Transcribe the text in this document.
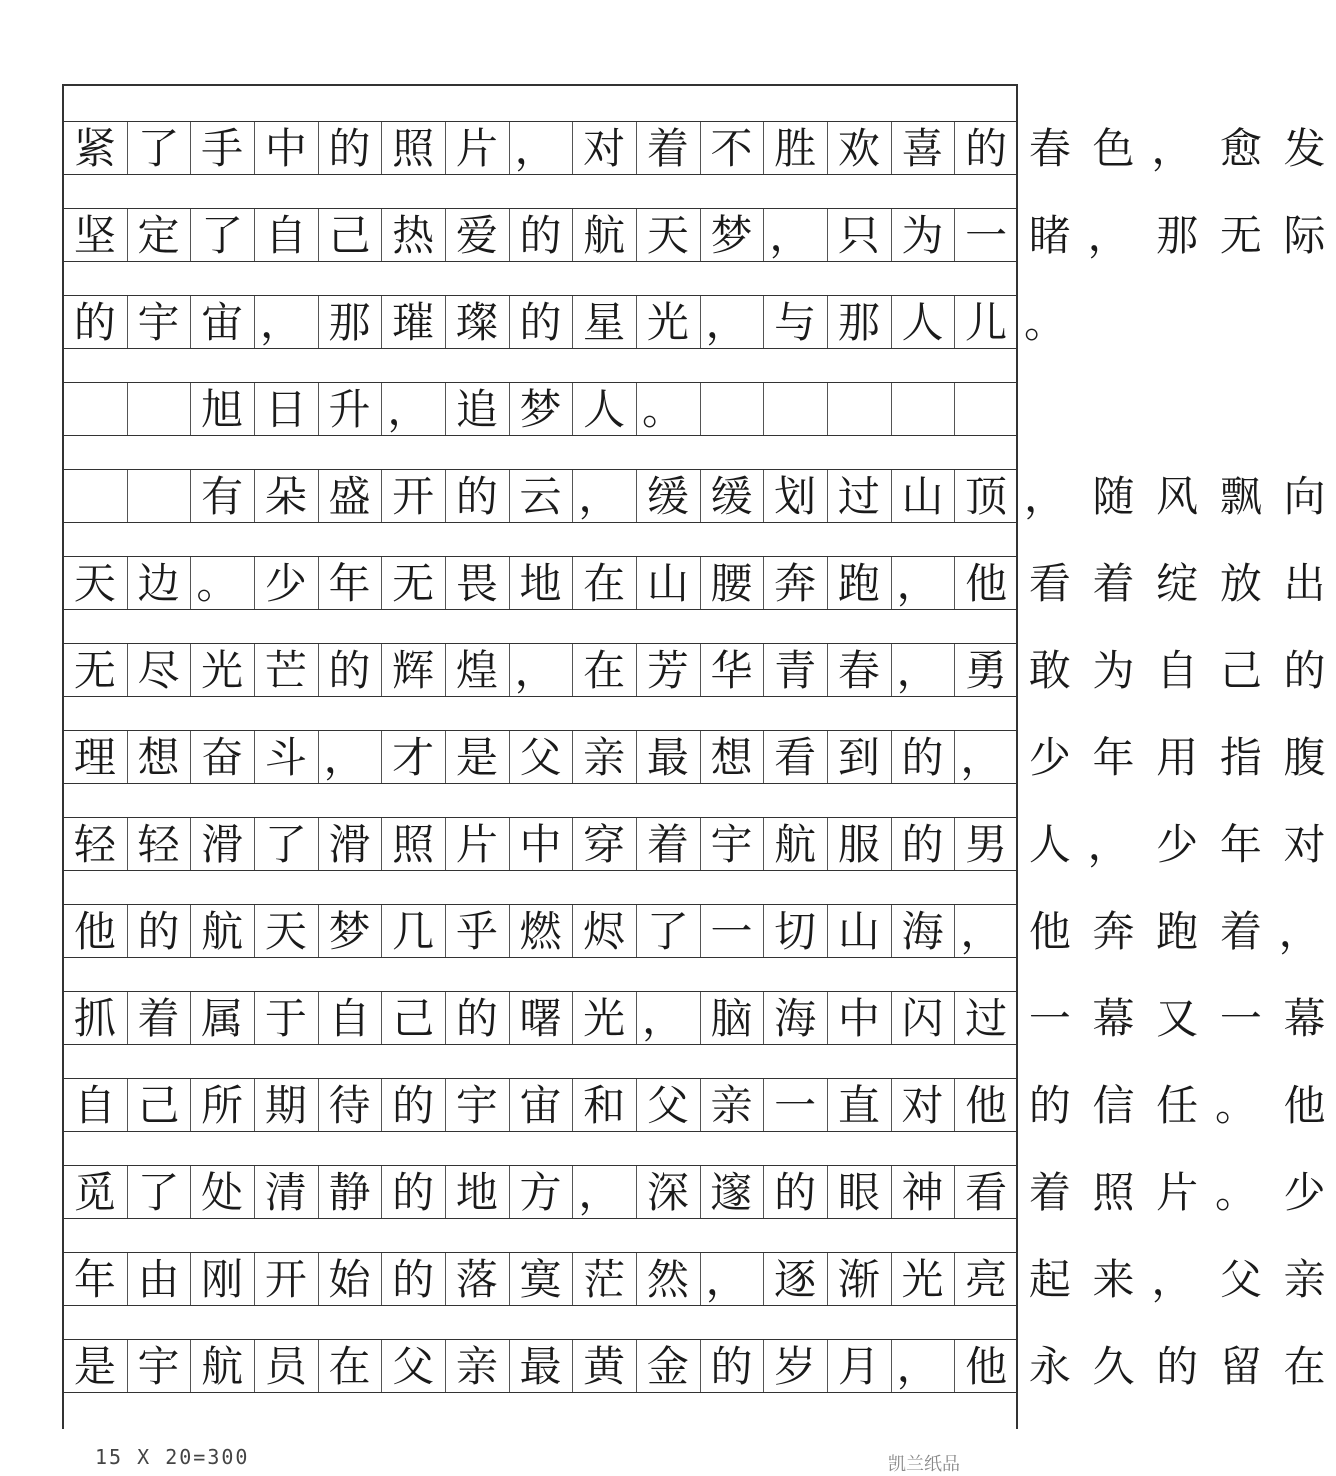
紧 了 手 中 的 照 片 ， 对 着 不 胜 欢 喜 的 春 色 ， 愈 发
坚 定 了 自 己 热 爱 的 航 天 梦 ， 只 为 一 睹 ， 那 无 际
的 宇 宙 ， 那 璀 璨 的 星 光 ， 与 那 人 儿 。
旭 日 升 ， 追 梦 人 。
有 朵 盛 开 的 云 ， 缓 缓 划 过 山 顶 ， 随 风 飘 向
天 边 。 少 年 无 畏 地 在 山 腰 奔 跑 ， 他 看 着 绽 放 出
无 尽 光 芒 的 辉 煌 ， 在 芳 华 青 春 ， 勇 敢 为 自 己 的
理 想 奋 斗 ， 才 是 父 亲 最 想 看 到 的 ， 少 年 用 指 腹
轻 轻 滑 了 滑 照 片 中 穿 着 宇 航 服 的 男 人 ， 少 年 对
他 的 航 天 梦 几 乎 燃 烬 了 一 切 山 海 ， 他 奔 跑 着 ，
抓 着 属 于 自 己 的 曙 光 ， 脑 海 中 闪 过 一 幕 又 一 幕
自 己 所 期 待 的 宇 宙 和 父 亲 一 直 对 他 的 信 任 。 他
觅 了 处 清 静 的 地 方 ， 深 邃 的 眼 神 看 着 照 片 。 少
年 由 刚 开 始 的 落 寞 茫 然 ， 逐 渐 光 亮 起 来 ， 父 亲
是 宇 航 员 在 父 亲 最 黄 金 的 岁 月 ， 他 永 久 的 留 在
15 X 20=300	凯兰纸品
